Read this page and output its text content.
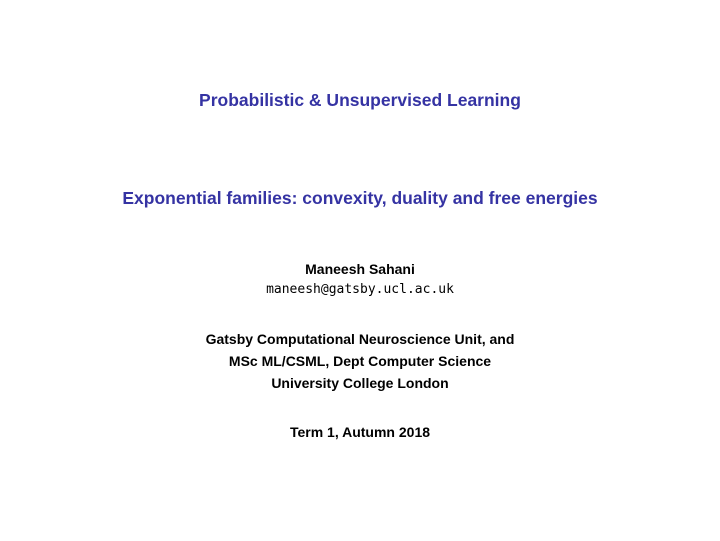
Probabilistic & Unsupervised Learning
Exponential families: convexity, duality and free energies
Maneesh Sahani
maneesh@gatsby.ucl.ac.uk
Gatsby Computational Neuroscience Unit, and
MSc ML/CSML, Dept Computer Science
University College London
Term 1, Autumn 2018
